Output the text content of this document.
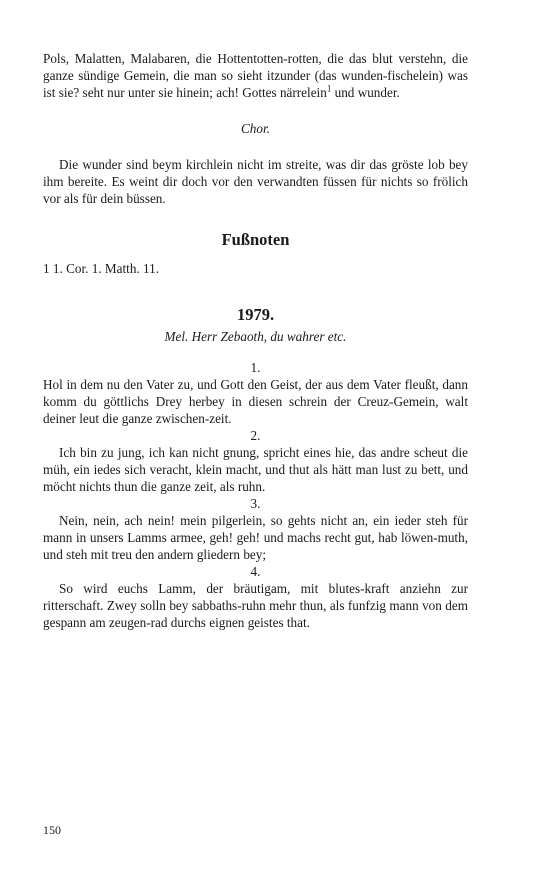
Pols, Malatten, Malabaren, die Hottentotten-rotten, die das blut verstehn, die ganze sündige Gemein, die man so sieht itzunder (das wunden-fischelein) was ist sie? seht nur unter sie hinein; ach! Gottes närrelein$^1$ und wunder.

Chor.

Die wunder sind beym kirchlein nicht im streite, was dir das gröste lob bey ihm bereite. Es weint dir doch vor den verwandten füssen für nichts so frölich vor als für dein büssen.

Fußnoten

1 1. Cor. 1. Matth. 11.

1979.

Mel. Herr Zebaoth, du wahrer etc.

1.

Hol in dem nu den Vater zu, und Gott den Geist, der aus dem Vater fleußt, dann komm du göttlichs Drey herbey in diesen schrein der Creuz-Gemein, walt deiner leut die ganze zwischen-zeit.

2.

Ich bin zu jung, ich kan nicht gnung, spricht eines hie, das andre scheut die müh, ein iedes sich veracht, klein macht, und thut als hätt man lust zu bett, und möcht nichts thun die ganze zeit, als ruhn.

3.

Nein, nein, ach nein! mein pilgerlein, so gehts nicht an, ein ieder steh für mann in unsers Lamms armee, geh! geh! und machs recht gut, hab löwen-muth, und steh mit treu den andern gliedern bey;

4.

So wird euchs Lamm, der bräutigam, mit blutes-kraft anziehn zur ritterschaft. Zwey solln bey sabbaths-ruhn mehr thun, als funfzig mann von dem gespann am zeugen-rad durchs eignen geistes that.

150
